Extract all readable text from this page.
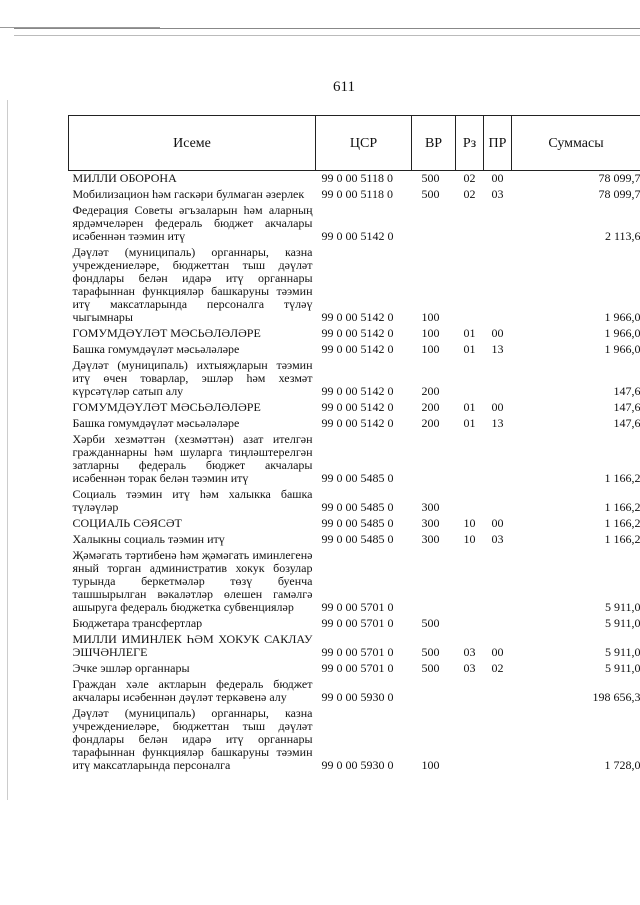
611
Исеме	ЦСР	ВР	Рз	ПР	Суммасы
МИЛЛИ ОБОРОНА	99 0 00 5118 0	500	02	00	78 099,7
Мобилизацион һәм гаскәри булмаган әзерлек	99 0 00 5118 0	500	02	03	78 099,7
Федерация Советы әгъзаларын һәм аларның ярдәмчеләрен федераль бюджет акчалары исәбеннән тәэмин итү	99 0 00 5142 0				2 113,6
Дәүләт (муниципаль) органнары, казна учреждениеләре, бюджеттан тыш дәүләт фондлары белән идарә итү органнары тарафыннан функцияләр башкаруны тәэмин итү максатларында персоналга түләү чыгымнары	99 0 00 5142 0	100			1 966,0
ГОМУМДӘҮЛӘТ МӘСЬӘЛӘЛӘРЕ	99 0 00 5142 0	100	01	00	1 966,0
Башка гомумдәүләт мәсьәләләре	99 0 00 5142 0	100	01	13	1 966,0
Дәүләт (муниципаль) ихтыяҗларын тәэмин итү өчен товарлар, эшләр һәм хезмәт күрсәтүләр сатып алу	99 0 00 5142 0	200			147,6
ГОМУМДӘҮЛӘТ МӘСЬӘЛӘЛӘРЕ	99 0 00 5142 0	200	01	00	147,6
Башка гомумдәүләт мәсьәләләре	99 0 00 5142 0	200	01	13	147,6
Хәрби хезмәттән (хезмәттән) азат ителгән гражданнарны һәм шуларга тиңләштерелгән затларны федераль бюджет акчалары исәбеннән торак белән тәэмин итү	99 0 00 5485 0				1 166,2
Социаль тәэмин итү һәм халыкка башка түләүләр	99 0 00 5485 0	300			1 166,2
СОЦИАЛЬ СӘЯСӘТ	99 0 00 5485 0	300	10	00	1 166,2
Халыкны социаль тәэмин итү	99 0 00 5485 0	300	10	03	1 166,2
Җәмәгать тәртибенә һәм җәмәгать иминлегенә яный торган административ хокук бозулар турында беркетмәләр төзү буенча ташшырылган вәкаләтләр өлешен гамәлгә ашыруга федераль бюджетка субвенцияләр	99 0 00 5701 0				5 911,0
Бюджетара трансфертлар	99 0 00 5701 0	500			5 911,0
МИЛЛИ ИМИНЛЕК ҺӘМ ХОКУК САКЛАУ ЭШЧӘНЛЕГЕ	99 0 00 5701 0	500	03	00	5 911,0
Эчке эшләр органнары	99 0 00 5701 0	500	03	02	5 911,0
Граждан хәле актларын федераль бюджет акчалары исәбеннән дәүләт теркәвенә алу	99 0 00 5930 0				198 656,3
Дәүләт (муниципаль) органнары, казна учреждениеләре, бюджеттан тыш дәүләт фондлары белән идарә итү органнары тарафыннан функцияләр башкаруны тәэмин итү максатларында персоналга	99 0 00 5930 0	100			1 728,0
